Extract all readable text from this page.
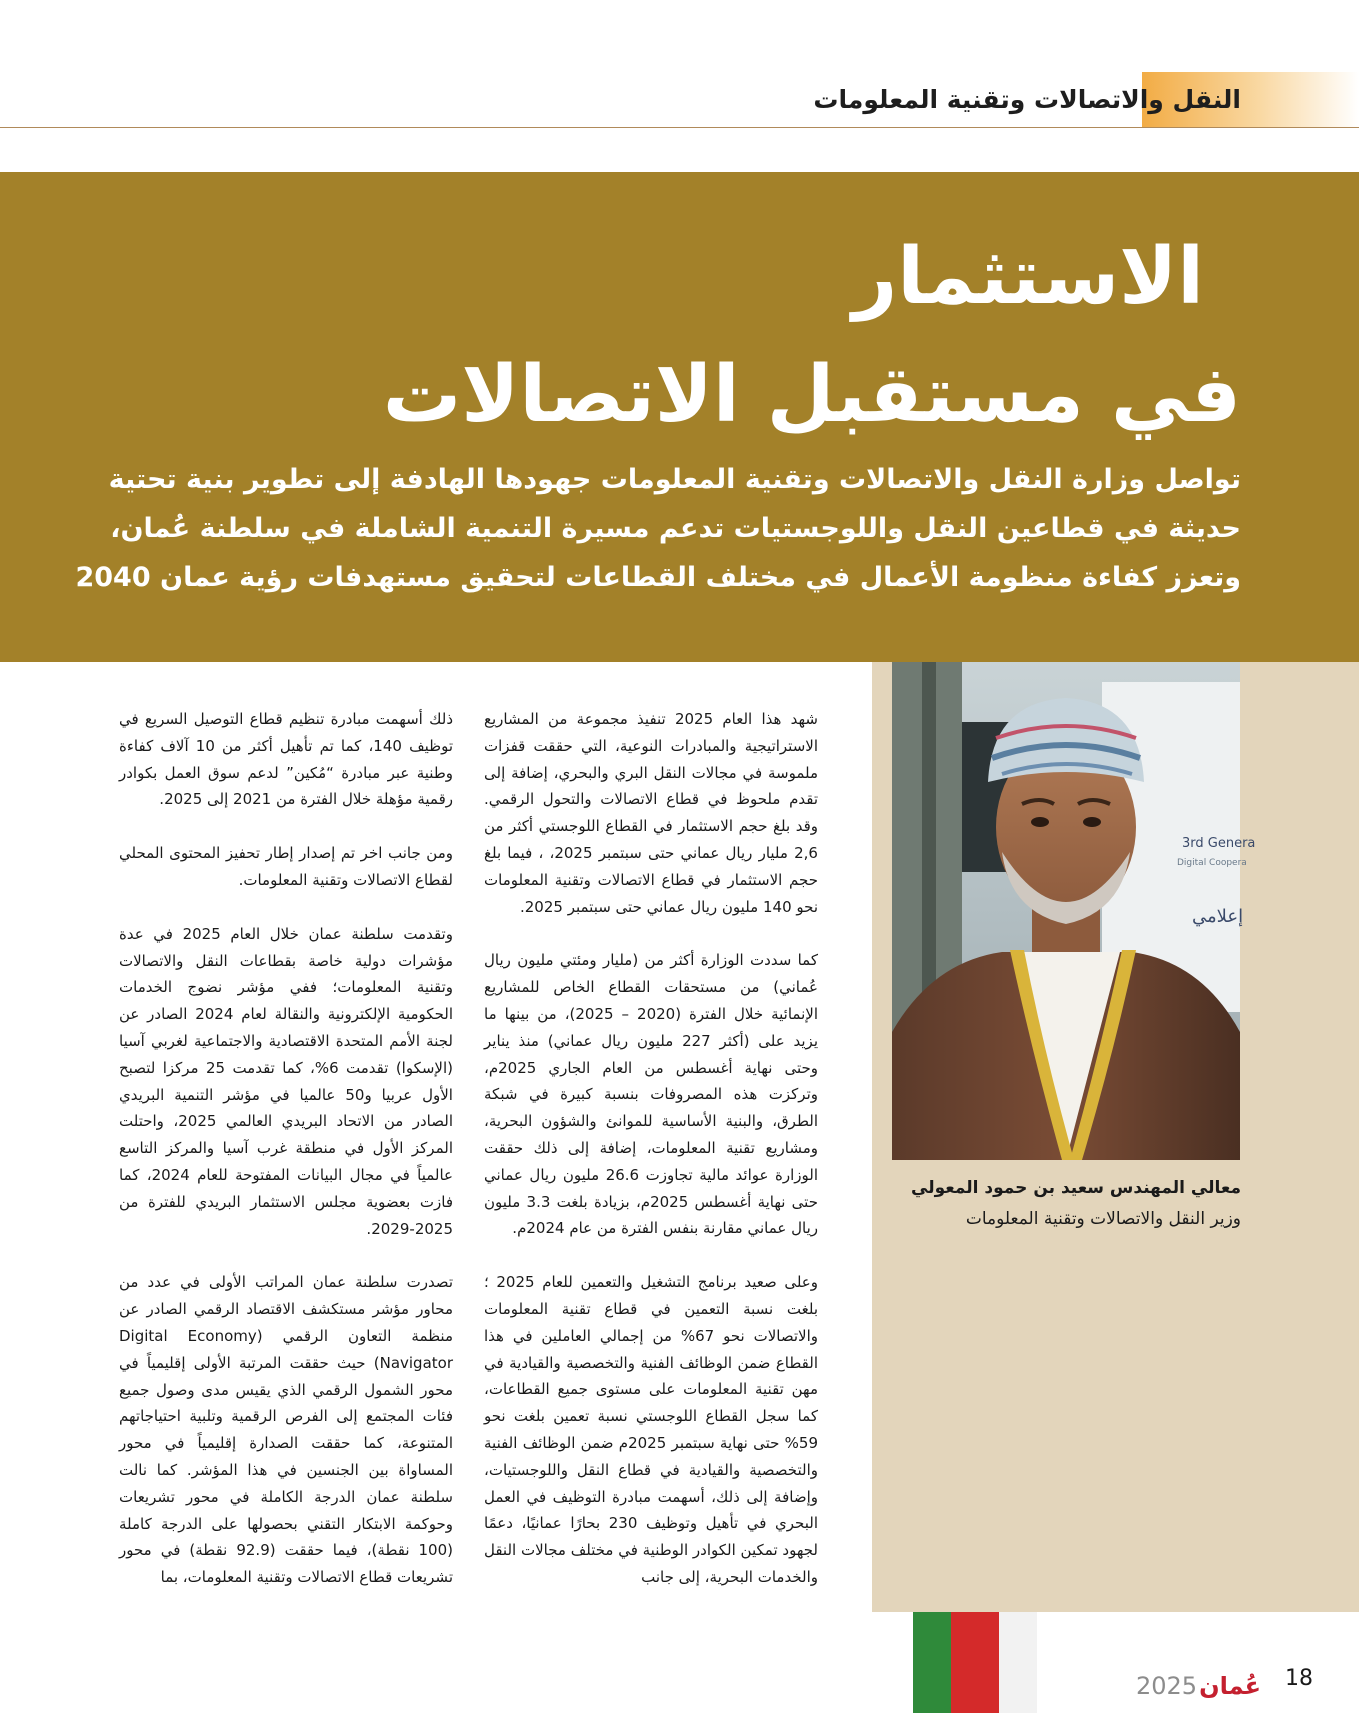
النقل والاتصالات وتقنية المعلومات
الاستثمار
في مستقبل الاتصالات
تواصل وزارة النقل والاتصالات وتقنية المعلومات جهودها الهادفة إلى تطوير بنية تحتية
حديثة في قطاعين النقل واللوجستيات تدعم مسيرة التنمية الشاملة في سلطنة عُمان،
وتعزز كفاءة منظومة الأعمال في مختلف القطاعات لتحقيق مستهدفات رؤية عمان 2040

شهد هذا العام 2025 تنفيذ مجموعة من المشاريع الاستراتيجية والمبادرات النوعية، التي حققت قفزات ملموسة في مجالات النقل البري والبحري، إضافة إلى تقدم ملحوظ في قطاع الاتصالات والتحول الرقمي. وقد بلغ حجم الاستثمار في القطاع اللوجستي أكثر من 2,6 مليار ريال عماني حتى سبتمبر 2025، ، فيما بلغ حجم الاستثمار في قطاع الاتصالات وتقنية المعلومات نحو 140 مليون ريال عماني حتى سبتمبر 2025.

كما سددت الوزارة أكثر من (مليار ومئتي مليون ريال عُماني) من مستحقات القطاع الخاص للمشاريع الإنمائية خلال الفترة (2020 – 2025)، من بينها ما يزيد على (أكثر 227 مليون ريال عماني) منذ يناير وحتى نهاية أغسطس من العام الجاري 2025م، وتركزت هذه المصروفات بنسبة كبيرة في شبكة الطرق، والبنية الأساسية للموانئ والشؤون البحرية، ومشاريع تقنية المعلومات، إضافة إلى ذلك حققت الوزارة عوائد مالية تجاوزت 26.6 مليون ريال عماني حتى نهاية أغسطس 2025م، بزيادة بلغت 3.3 مليون ريال عماني مقارنة بنفس الفترة من عام 2024م.

وعلى صعيد برنامج التشغيل والتعمين للعام 2025 ؛ بلغت نسبة التعمين في قطاع تقنية المعلومات والاتصالات نحو 67% من إجمالي العاملين في هذا القطاع ضمن الوظائف الفنية والتخصصية والقيادية في مهن تقنية المعلومات على مستوى جميع القطاعات، كما سجل القطاع اللوجستي نسبة تعمين بلغت نحو 59% حتى نهاية سبتمبر 2025م ضمن الوظائف الفنية والتخصصية والقيادية في قطاع النقل واللوجستيات، وإضافة إلى ذلك، أسهمت مبادرة التوظيف في العمل البحري في تأهيل وتوظيف 230 بحارًا عمانيًا، دعمًا لجهود تمكين الكوادر الوطنية في مختلف مجالات النقل والخدمات البحرية، إلى جانب

ذلك أسهمت مبادرة تنظيم قطاع التوصيل السريع في توظيف 140، كما تم تأهيل أكثر من 10 آلاف كفاءة وطنية عبر مبادرة “مُكين” لدعم سوق العمل بكوادر رقمية مؤهلة خلال الفترة من 2021 إلى 2025.

ومن جانب اخر تم إصدار إطار تحفيز المحتوى المحلي لقطاع الاتصالات وتقنية المعلومات.

وتقدمت سلطنة عمان خلال العام 2025 في عدة مؤشرات دولية خاصة بقطاعات النقل والاتصالات وتقنية المعلومات؛ ففي مؤشر نضوج الخدمات الحكومية الإلكترونية والنقالة لعام 2024 الصادر عن لجنة الأمم المتحدة الاقتصادية والاجتماعية لغربي آسيا (الإسكوا) تقدمت 6%، كما تقدمت 25 مركزا لتصبح الأول عربيا و50 عالميا في مؤشر التنمية البريدي الصادر من الاتحاد البريدي العالمي 2025، واحتلت المركز الأول في منطقة غرب آسيا والمركز التاسع عالمياً في مجال البيانات المفتوحة للعام 2024، كما فازت بعضوية مجلس الاستثمار البريدي للفترة من 2025-2029.

تصدرت سلطنة عمان المراتب الأولى في عدد من محاور مؤشر مستكشف الاقتصاد الرقمي الصادر عن منظمة التعاون الرقمي (Digital Economy Navigator) حيث حققت المرتبة الأولى إقليمياً في محور الشمول الرقمي الذي يقيس مدى وصول جميع فئات المجتمع إلى الفرص الرقمية وتلبية احتياجاتهم المتنوعة، كما حققت الصدارة إقليمياً في محور المساواة بين الجنسين في هذا المؤشر. كما نالت سلطنة عمان الدرجة الكاملة في محور تشريعات وحوكمة الابتكار التقني بحصولها على الدرجة كاملة (100 نقطة)، فيما حققت (92.9 نقطة) في محور تشريعات قطاع الاتصالات وتقنية المعلومات، بما

3rd Genera
Digital Coopera
إعلامي
معالي المهندس سعيد بن حمود المعولي
وزير النقل والاتصالات وتقنية المعلومات
عُمان2025	18
